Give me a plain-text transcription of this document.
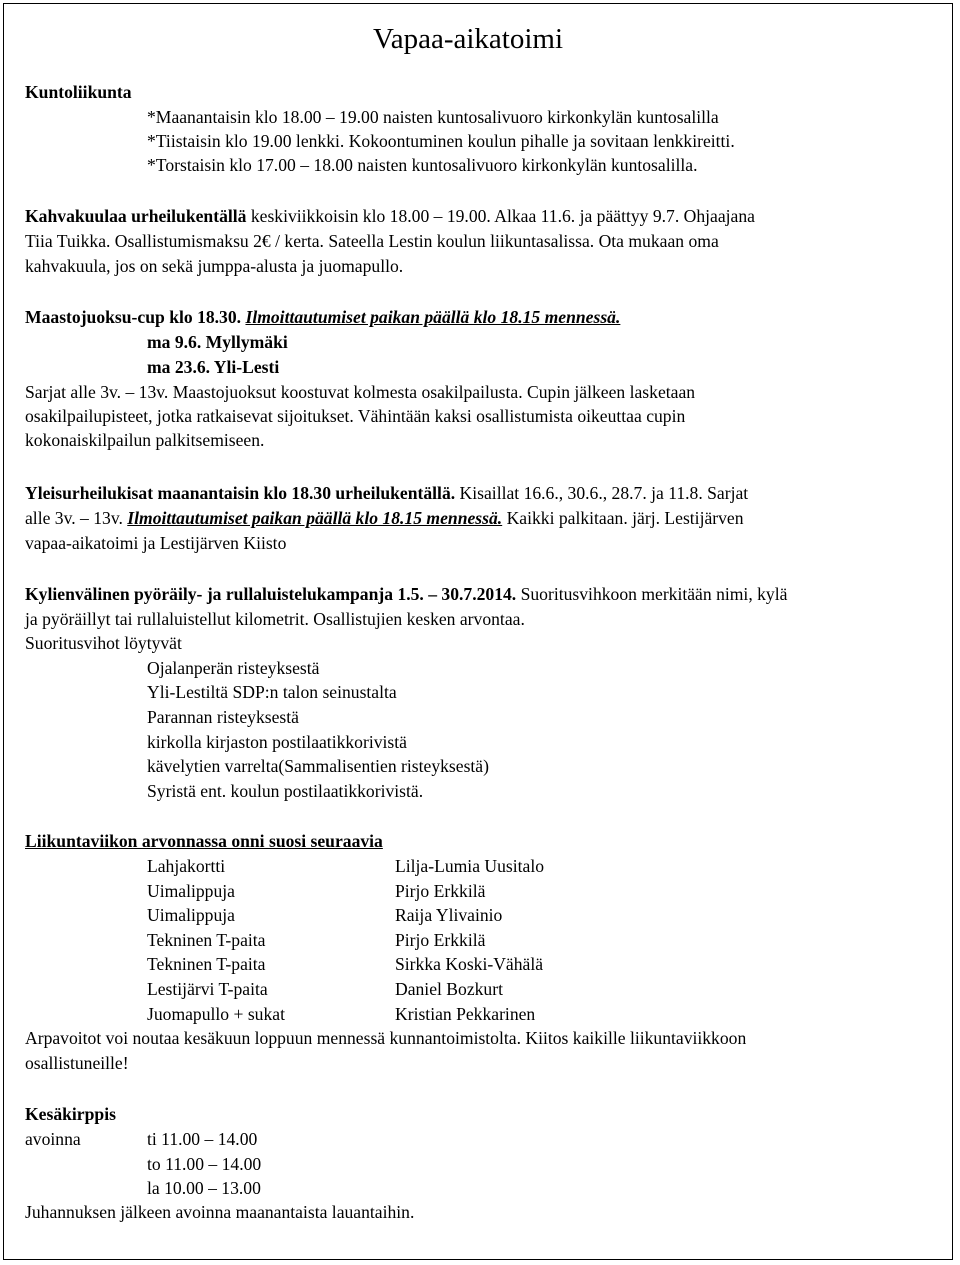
Vapaa-aikatoimi
Kuntoliikunta
*Maanantaisin klo 18.00 – 19.00 naisten kuntosalivuoro kirkonkylän kuntosalilla
*Tiistaisin klo 19.00 lenkki. Kokoontuminen koulun pihalle ja sovitaan lenkkireitti.
*Torstaisin klo 17.00 – 18.00 naisten kuntosalivuoro kirkonkylän kuntosalilla.
Kahvakuulaa urheilukentällä keskiviikkoisin klo 18.00 – 19.00. Alkaa 11.6. ja päättyy 9.7. Ohjaajana
Tiia Tuikka. Osallistumismaksu 2€ / kerta. Sateella Lestin koulun liikuntasalissa. Ota mukaan oma
kahvakuula, jos on sekä jumppa-alusta ja juomapullo.
Maastojuoksu-cup klo 18.30. Ilmoittautumiset paikan päällä klo 18.15 mennessä.
ma 9.6. Myllymäki
ma 23.6. Yli-Lesti
Sarjat alle 3v. – 13v. Maastojuoksut koostuvat kolmesta osakilpailusta. Cupin jälkeen lasketaan
osakilpailupisteet, jotka ratkaisevat sijoitukset. Vähintään kaksi osallistumista oikeuttaa cupin
kokonaiskilpailun palkitsemiseen.
Yleisurheilukisat maanantaisin klo 18.30 urheilukentällä. Kisaillat 16.6., 30.6., 28.7. ja 11.8. Sarjat
alle 3v. – 13v. Ilmoittautumiset paikan päällä klo 18.15 mennessä. Kaikki palkitaan. järj. Lestijärven
vapaa-aikatoimi ja Lestijärven Kiisto
Kylienvälinen pyöräily- ja rullaluistelukampanja 1.5. – 30.7.2014. Suoritusvihkoon merkitään nimi, kylä
ja pyöräillyt tai rullaluistellut kilometrit. Osallistujien kesken arvontaa.
Suoritusvihot löytyvät
Ojalanperän risteyksestä
Yli-Lestiltä SDP:n talon seinustalta
Parannan risteyksestä
kirkolla kirjaston postilaatikkorivistä
kävelytien varrelta(Sammalisentien risteyksestä)
Syristä ent. koulun postilaatikkorivistä.
Liikuntaviikon arvonnassa onni suosi seuraavia
Lahjakortti	Lilja-Lumia Uusitalo
Uimalippuja	Pirjo Erkkilä
Uimalippuja	Raija Ylivainio
Tekninen T-paita	Pirjo Erkkilä
Tekninen T-paita	Sirkka Koski-Vähälä
Lestijärvi T-paita	Daniel Bozkurt
Juomapullo + sukat	Kristian Pekkarinen
Arpavoitot voi noutaa kesäkuun loppuun mennessä kunnantoimistolta. Kiitos kaikille liikuntaviikkoon
osallistuneille!
Kesäkirppis
avoinna	ti 11.00 – 14.00
to 11.00 – 14.00
la 10.00 – 13.00
Juhannuksen jälkeen avoinna maanantaista lauantaihin.
